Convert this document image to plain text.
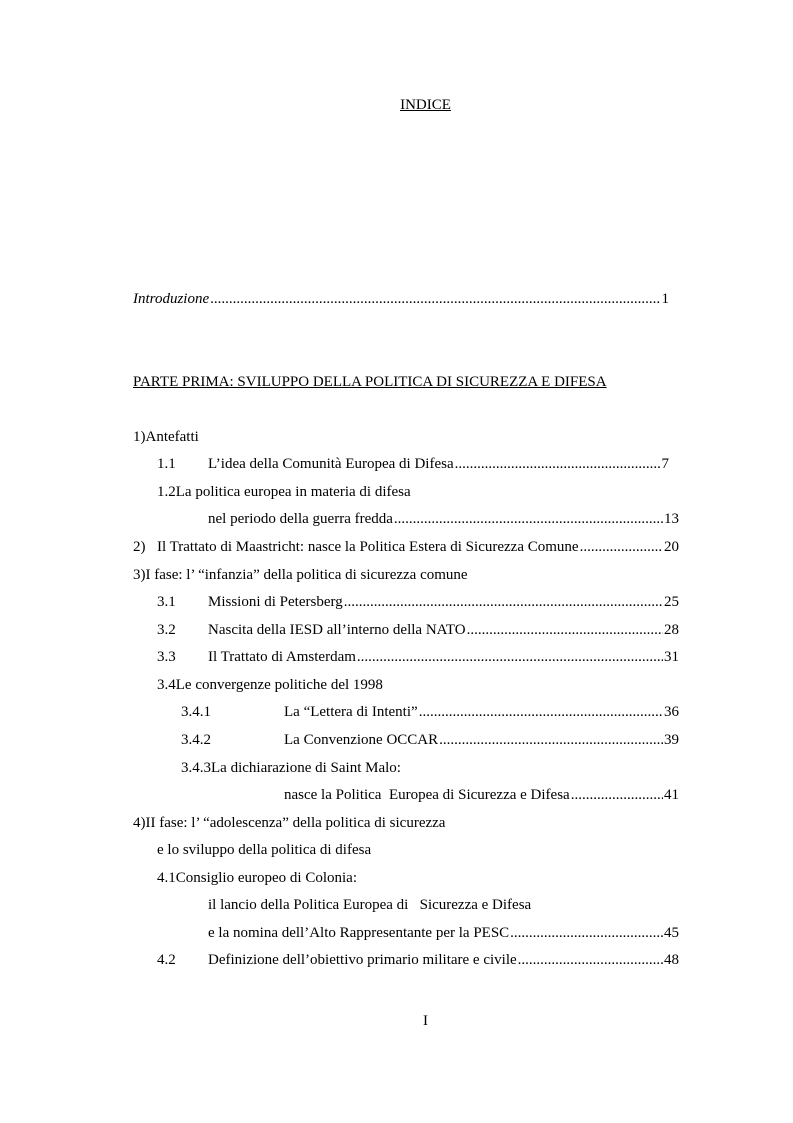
INDICE
Introduzione .....	1
PARTE PRIMA: SVILUPPO DELLA POLITICA DI SICUREZZA E DIFESA
1)Antefatti
1.1	L’idea della Comunità Europea di Difesa .....	7
1.2La politica europea in materia di difesa
nel periodo della guerra fredda .....	13
2) Il Trattato di Maastricht: nasce la Politica Estera di Sicurezza Comune .....	20
3)I fase: l’ “infanzia” della politica di sicurezza comune
3.1	Missioni di Petersberg .....	25
3.2	Nascita della IESD all’interno della NATO .....	28
3.3	Il Trattato di Amsterdam .....	31
3.4Le convergenze politiche del 1998
3.4.1	La “Lettera di Intenti” .....	36
3.4.2	La Convenzione OCCAR .....	39
3.4.3La dichiarazione di Saint Malo:
nasce la Politica  Europea di Sicurezza e Difesa .....	41
4)II fase: l’ “adolescenza” della politica di sicurezza
e lo sviluppo della politica di difesa
4.1Consiglio europeo di Colonia:
il lancio della Politica Europea di   Sicurezza e Difesa
e la nomina dell’Alto Rappresentante per la PESC .....	45
4.2	Definizione dell’obiettivo primario militare e civile .....	48
I
